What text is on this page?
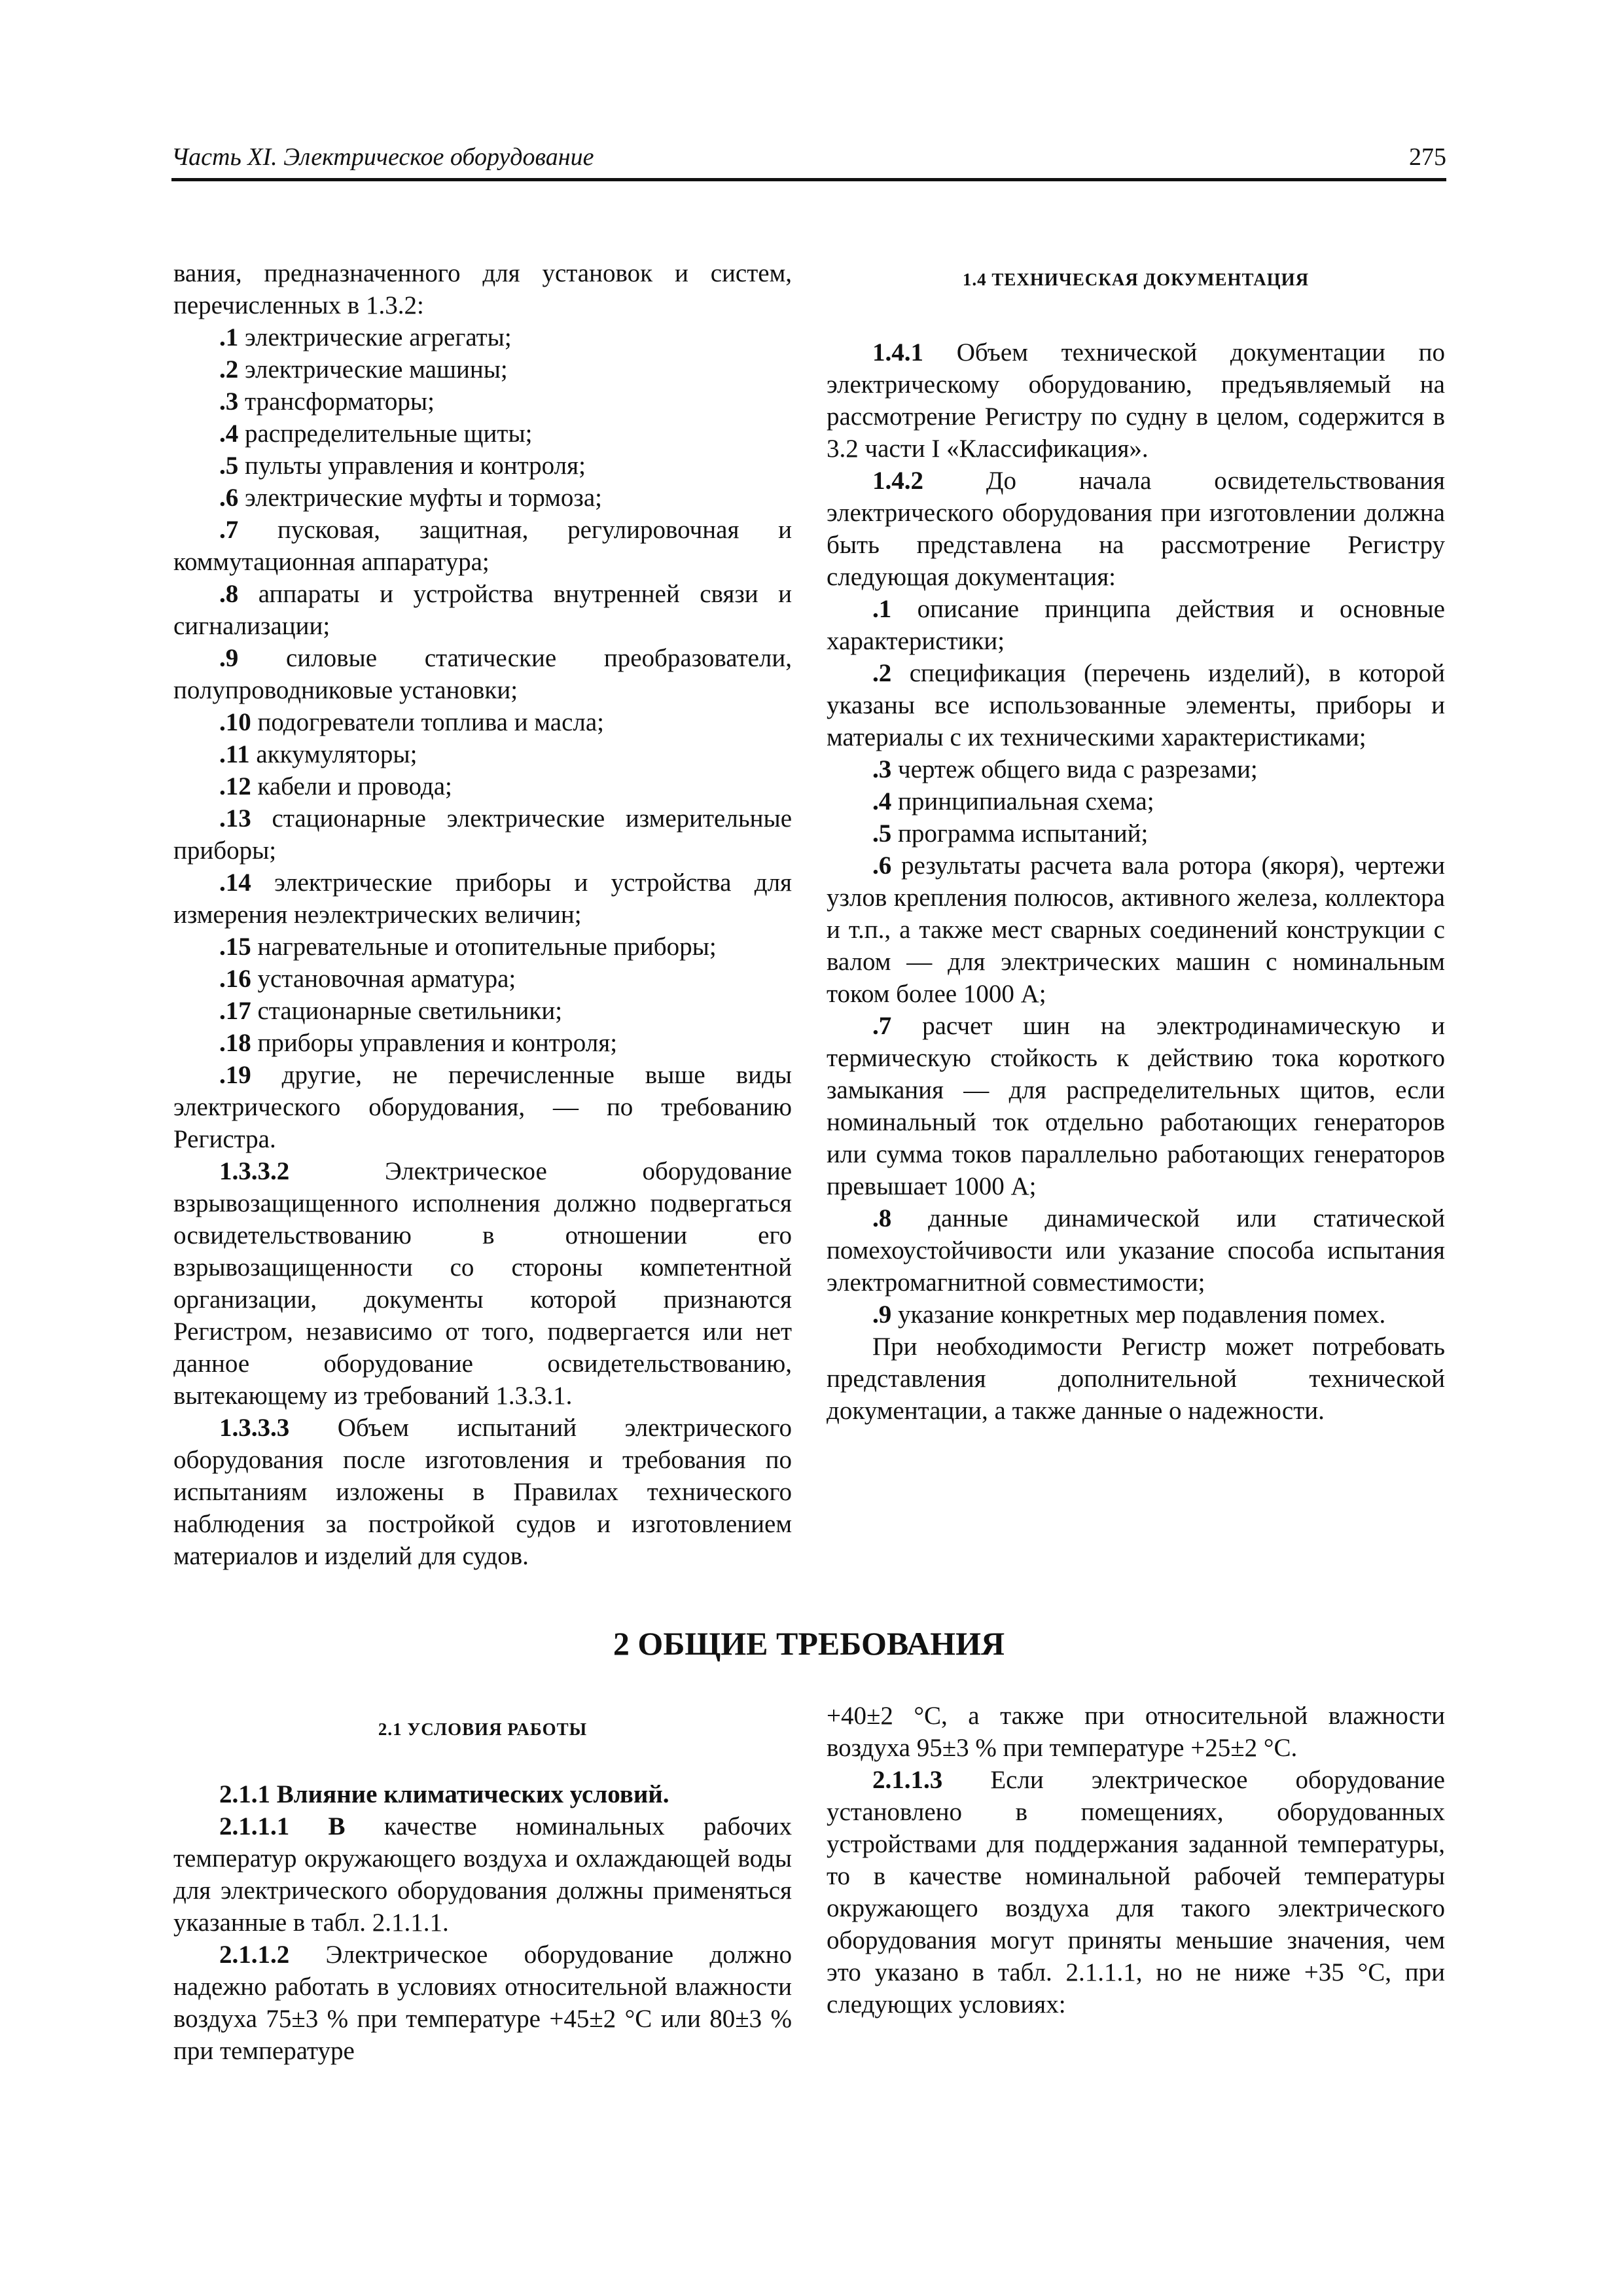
Часть XI. Электрическое оборудование	275

вания, предназначенного для установок и систем, перечисленных в 1.3.2:

.1 электрические агрегаты;

.2 электрические машины;

.3 трансформаторы;

.4 распределительные щиты;

.5 пульты управления и контроля;

.6 электрические муфты и тормоза;

.7 пусковая, защитная, регулировочная и коммутационная аппаратура;

.8 аппараты и устройства внутренней связи и сигнализации;

.9 силовые статические преобразователи, полупроводниковые установки;

.10 подогреватели топлива и масла;

.11 аккумуляторы;

.12 кабели и провода;

.13 стационарные электрические измерительные приборы;

.14 электрические приборы и устройства для измерения неэлектрических величин;

.15 нагревательные и отопительные приборы;

.16 установочная арматура;

.17 стационарные светильники;

.18 приборы управления и контроля;

.19 другие, не перечисленные выше виды электрического оборудования, — по требованию Регистра.

1.3.3.2 Электрическое оборудование взрывозащищенного исполнения должно подвергаться освидетельствованию в отношении его взрывозащищенности со стороны компетентной организации, документы которой признаются Регистром, независимо от того, подвергается или нет данное оборудование освидетельствованию, вытекающему из требований 1.3.3.1.

1.3.3.3 Объем испытаний электрического оборудования после изготовления и требования по испытаниям изложены в Правилах технического наблюдения за постройкой судов и изготовлением материалов и изделий для судов.

1.4 ТЕХНИЧЕСКАЯ ДОКУМЕНТАЦИЯ

1.4.1 Объем технической документации по электрическому оборудованию, предъявляемый на рассмотрение Регистру по судну в целом, содержится в 3.2 части I «Классификация».

1.4.2 До начала освидетельствования электрического оборудования при изготовлении должна быть представлена на рассмотрение Регистру следующая документация:

.1 описание принципа действия и основные характеристики;

.2 спецификация (перечень изделий), в которой указаны все использованные элементы, приборы и материалы с их техническими характеристиками;

.3 чертеж общего вида с разрезами;

.4 принципиальная схема;

.5 программа испытаний;

.6 результаты расчета вала ротора (якоря), чертежи узлов крепления полюсов, активного железа, коллектора и т.п., а также мест сварных соединений конструкции с валом — для электрических машин с номинальным током более 1000 А;

.7 расчет шин на электродинамическую и термическую стойкость к действию тока короткого замыкания — для распределительных щитов, если номинальный ток отдельно работающих генераторов или сумма токов параллельно работающих генераторов превышает 1000 А;

.8 данные динамической или статической помехоустойчивости или указание способа испытания электромагнитной совместимости;

.9 указание конкретных мер подавления помех.

При необходимости Регистр может потребовать представления дополнительной технической документации, а также данные о надежности.

2 ОБЩИЕ ТРЕБОВАНИЯ

2.1 УСЛОВИЯ РАБОТЫ

2.1.1 Влияние климатических условий.

2.1.1.1 В качестве номинальных рабочих температур окружающего воздуха и охлаждающей воды для электрического оборудования должны применяться указанные в табл. 2.1.1.1.

2.1.1.2 Электрическое оборудование должно надежно работать в условиях относительной влажности воздуха 75±3 % при температуре +45±2 °С или 80±3 % при температуре

+40±2 °С, а также при относительной влажности воздуха 95±3 % при температуре +25±2 °С.

2.1.1.3 Если электрическое оборудование установлено в помещениях, оборудованных устройствами для поддержания заданной температуры, то в качестве номинальной рабочей температуры окружающего воздуха для такого электрического оборудования могут приняты меньшие значения, чем это указано в табл. 2.1.1.1, но не ниже +35 °С, при следующих условиях:
